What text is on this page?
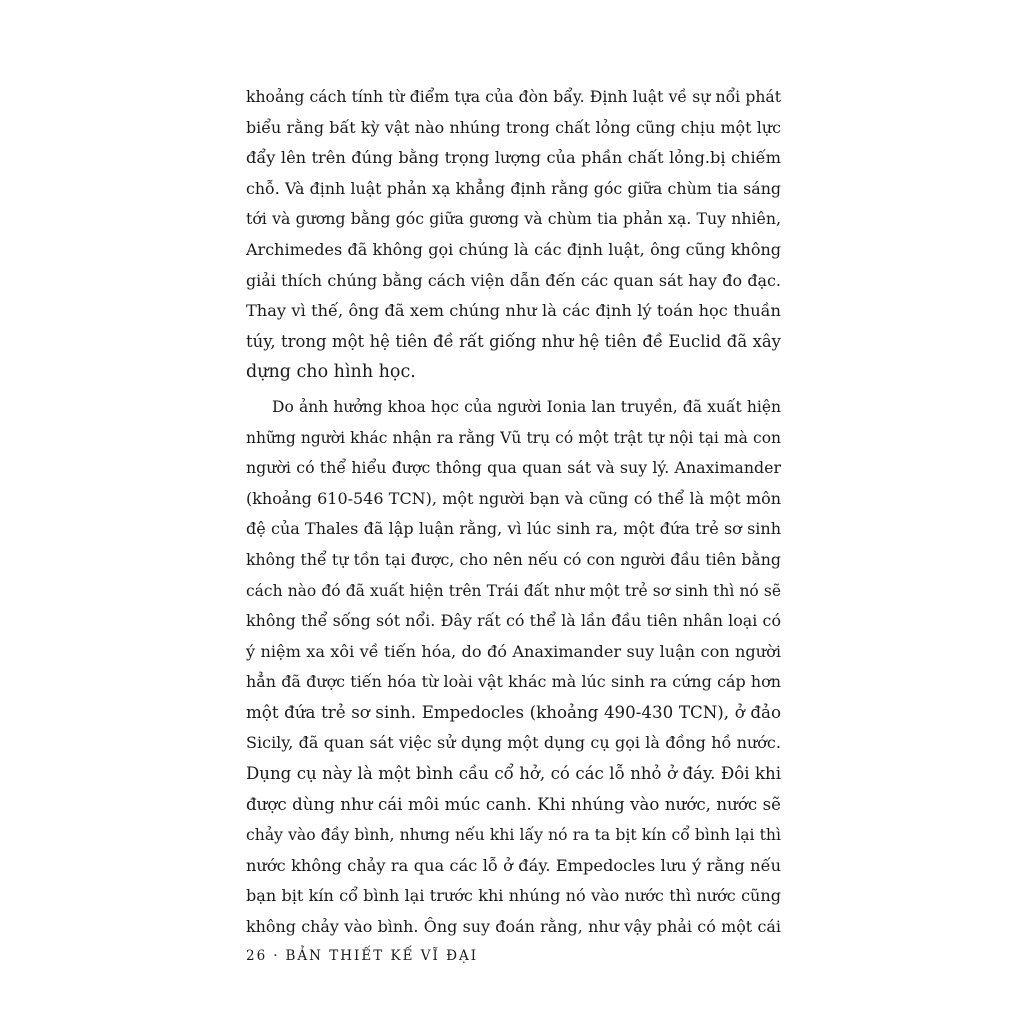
khoảng cách tính từ điểm tựa của đòn bẩy. Định luật về sự nổi phát
biểu rằng bất kỳ vật nào nhúng trong chất lỏng cũng chịu một lực
đẩy lên trên đúng bằng trọng lượng của phần chất lỏng.bị chiếm
chỗ. Và định luật phản xạ khẳng định rằng góc giữa chùm tia sáng
tới và gương bằng góc giữa gương và chùm tia phản xạ. Tuy nhiên,
Archimedes đã không gọi chúng là các định luật, ông cũng không
giải thích chúng bằng cách viện dẫn đến các quan sát hay đo đạc.
Thay vì thế, ông đã xem chúng như là các định lý toán học thuần
túy, trong một hệ tiên đề rất giống như hệ tiên đề Euclid đã xây
dựng cho hình học.
Do ảnh hưởng khoa học của người Ionia lan truyền, đã xuất hiện
những người khác nhận ra rằng Vũ trụ có một trật tự nội tại mà con
người có thể hiểu được thông qua quan sát và suy lý. Anaximander
(khoảng 610-546 TCN), một người bạn và cũng có thể là một môn
đệ của Thales đã lập luận rằng, vì lúc sinh ra, một đứa trẻ sơ sinh
không thể tự tồn tại được, cho nên nếu có con người đầu tiên bằng
cách nào đó đã xuất hiện trên Trái đất như một trẻ sơ sinh thì nó sẽ
không thể sống sót nổi. Đây rất có thể là lần đầu tiên nhân loại có
ý niệm xa xôi về tiến hóa, do đó Anaximander suy luận con người
hẳn đã được tiến hóa từ loài vật khác mà lúc sinh ra cứng cáp hơn
một đứa trẻ sơ sinh. Empedocles (khoảng 490-430 TCN), ở đảo
Sicily, đã quan sát việc sử dụng một dụng cụ gọi là đồng hồ nước.
Dụng cụ này là một bình cầu cổ hở, có các lỗ nhỏ ở đáy. Đôi khi
được dùng như cái môi múc canh. Khi nhúng vào nước, nước sẽ
chảy vào đầy bình, nhưng nếu khi lấy nó ra ta bịt kín cổ bình lại thì
nước không chảy ra qua các lỗ ở đáy. Empedocles lưu ý rằng nếu
bạn bịt kín cổ bình lại trước khi nhúng nó vào nước thì nước cũng
không chảy vào bình. Ông suy đoán rằng, như vậy phải có một cái
26 · BẢN THIẾT KẾ VĨ ĐẠI
